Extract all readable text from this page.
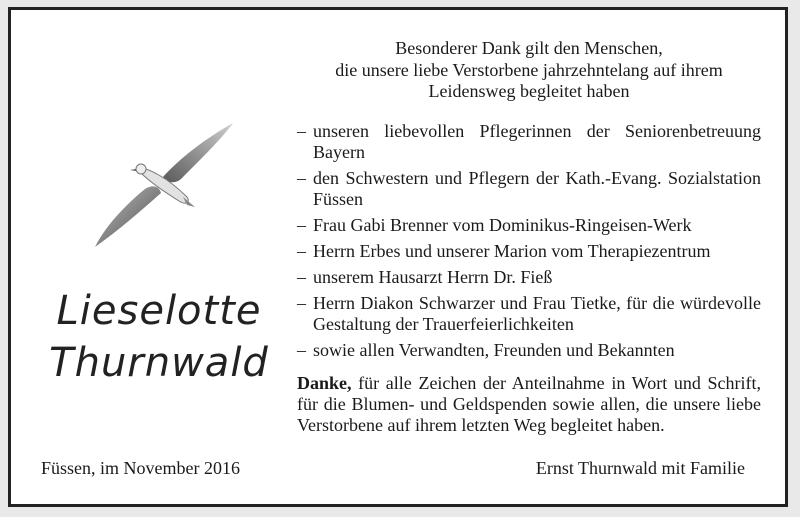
Lieselotte
Thurnwald
Füssen, im November 2016
Besonderer Dank gilt den Menschen,
die unsere liebe Verstorbene jahrzehntelang auf ihrem
Leidensweg begleitet haben
– unseren liebevollen Pflegerinnen der Seniorenbetreuung Bayern
– den Schwestern und Pflegern der Kath.-Evang. Sozialstation Füssen
– Frau Gabi Brenner vom Dominikus-Ringeisen-Werk
– Herrn Erbes und unserer Marion vom Therapiezentrum
– unserem Hausarzt Herrn Dr. Fieß
– Herrn Diakon Schwarzer und Frau Tietke, für die würdevolle Gestaltung der Trauerfeierlichkeiten
– sowie allen Verwandten, Freunden und Bekannten
Danke, für alle Zeichen der Anteilnahme in Wort und Schrift, für die Blumen- und Geldspenden sowie allen, die unsere liebe Verstorbene auf ihrem letzten Weg begleitet haben.
Ernst Thurnwald mit Familie
